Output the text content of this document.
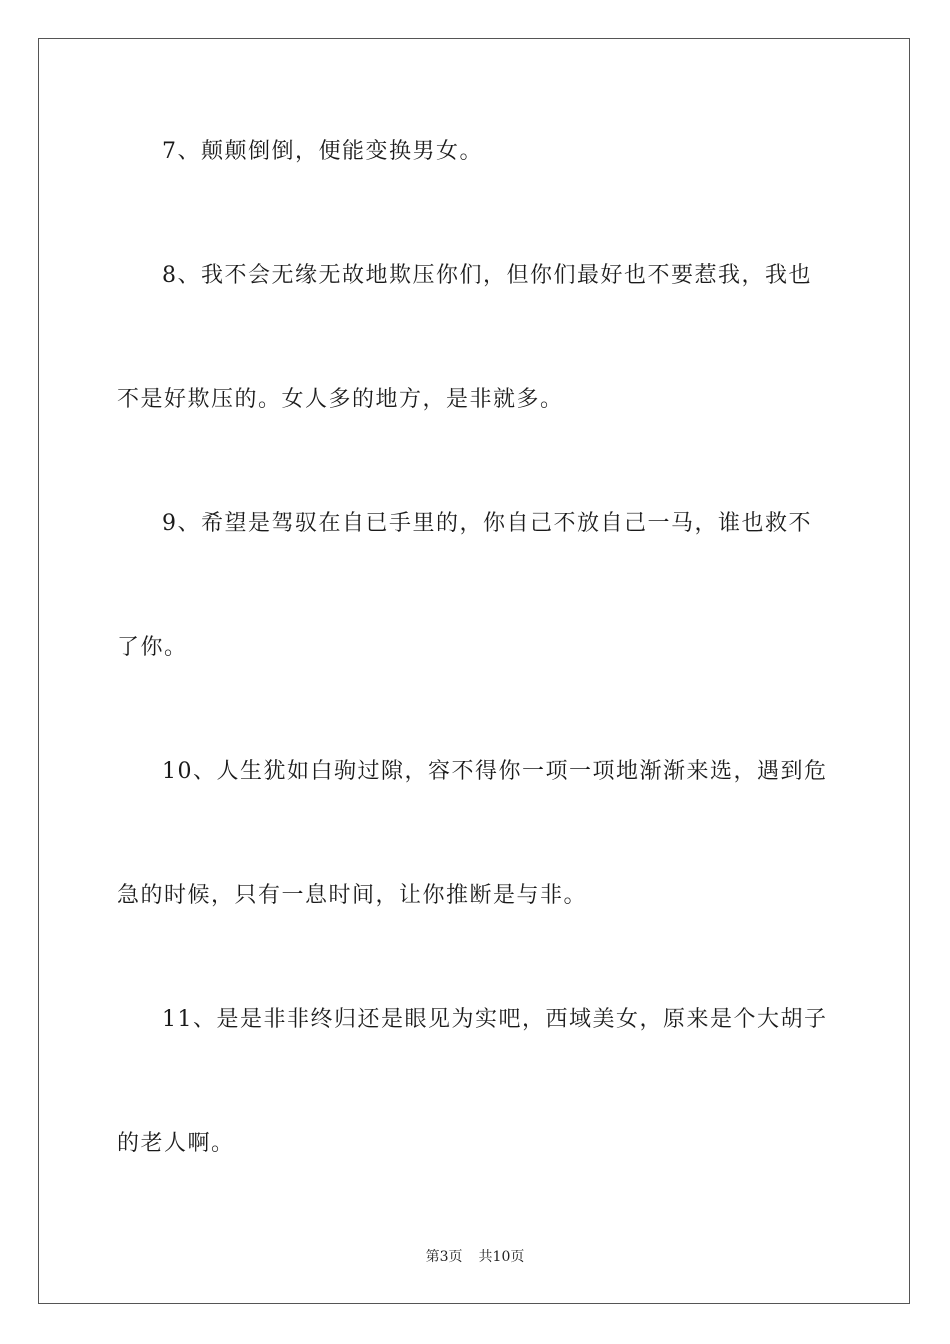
7、颠颠倒倒，便能变换男女。
8、我不会无缘无故地欺压你们，但你们最好也不要惹我，我也
不是好欺压的。女人多的地方，是非就多。
9、希望是驾驭在自已手里的，你自己不放自己一马，谁也救不
了你。
10、人生犹如白驹过隙，容不得你一项一项地渐渐来选，遇到危
急的时候，只有一息时间，让你推断是与非。
11、是是非非终归还是眼见为实吧，西域美女，原来是个大胡子
的老人啊。
第3页 共10页
